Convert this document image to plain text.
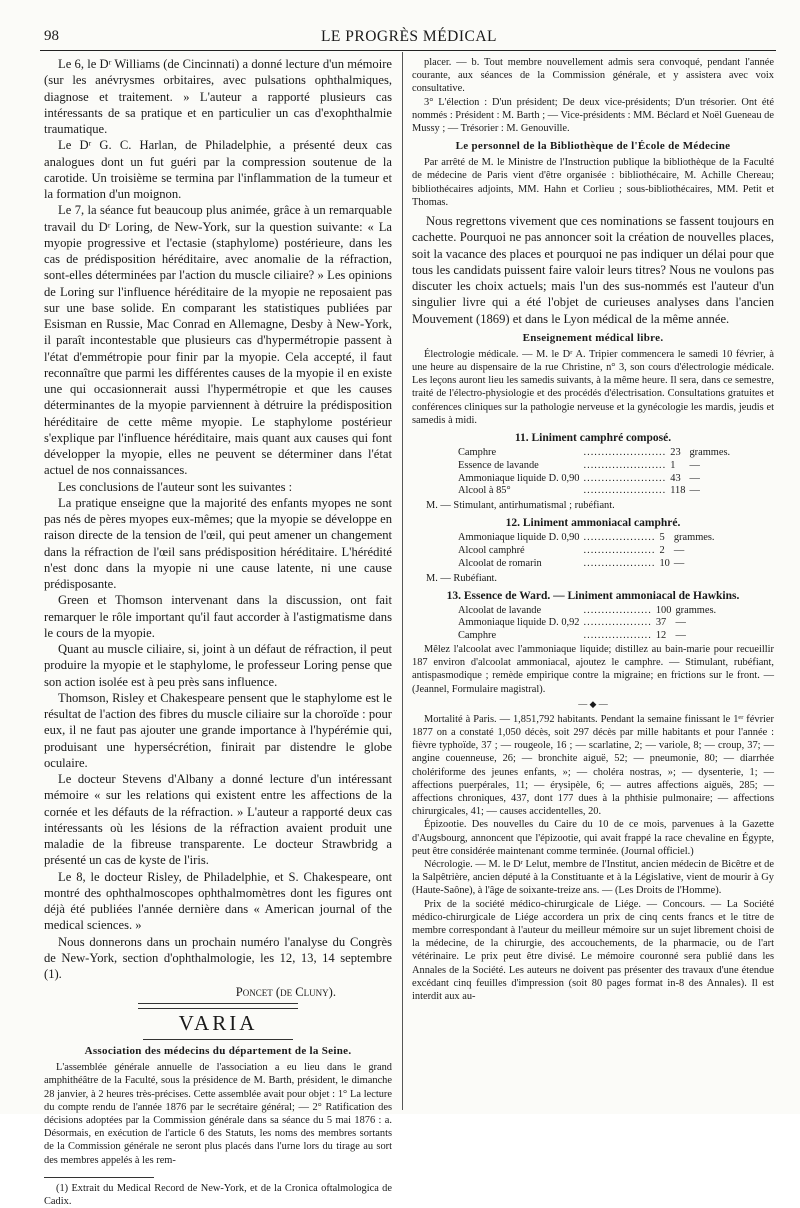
98	LE PROGRÈS MÉDICAL

Le 6, le Dʳ Williams (de Cincinnati) a donné lecture d'un mémoire (sur les anévrysmes orbitaires, avec pulsations ophthalmiques, diagnose et traitement. » L'auteur a rapporté plusieurs cas intéressants de sa pratique et en particulier un cas d'exophthalmie traumatique.

Le Dʳ G. C. Harlan, de Philadelphie, a présenté deux cas analogues dont un fut guéri par la compression soutenue de la carotide. Un troisième se termina par l'inflammation de la tumeur et la formation d'un moignon.

Le 7, la séance fut beaucoup plus animée, grâce à un remarquable travail du Dʳ Loring, de New-York, sur la question suivante: « La myopie progressive et l'ectasie (staphylome) postérieure, dans les cas de prédisposition héréditaire, avec anomalie de la réfraction, sont-elles déterminées par l'action du muscle ciliaire? » Les opinions de Loring sur l'influence héréditaire de la myopie ne reposaient pas sur une base solide. En comparant les statistiques publiées par Esisman en Russie, Mac Conrad en Allemagne, Desby à New-York, il paraît incontestable que plusieurs cas d'hypermétropie passent à l'état d'emmétropie pour finir par la myopie. Cela accepté, il faut reconnaître que parmi les différentes causes de la myopie il en existe une qui occasionnerait aussi l'hypermétropie et que les causes déterminantes de la myopie parviennent à détruire la prédisposition héréditaire de cette même myopie. Le staphylome postérieur s'explique par l'influence héréditaire, mais quant aux causes qui font développer la myopie, elles ne peuvent se déterminer dans l'état actuel de nos connaissances.

Les conclusions de l'auteur sont les suivantes :

La pratique enseigne que la majorité des enfants myopes ne sont pas nés de pères myopes eux-mêmes; que la myopie se développe en raison directe de la tension de l'œil, qui peut amener un changement dans la réfraction de l'œil sans prédisposition héréditaire. L'hérédité n'est donc dans la myopie ni une cause latente, ni une cause prédisposante.

Green et Thomson intervenant dans la discussion, ont fait remarquer le rôle important qu'il faut accorder à l'astigmatisme dans le cours de la myopie.

Quant au muscle ciliaire, si, joint à un défaut de réfraction, il peut produire la myopie et le staphylome, le professeur Loring pense que son action isolée est à peu près sans influence.

Thomson, Risley et Chakespeare pensent que le staphylome est le résultat de l'action des fibres du muscle ciliaire sur la choroïde : pour eux, il ne faut pas ajouter une grande importance à l'hypérémie qui, produisant une hypersécrétion, finirait par distendre le globe oculaire.

Le docteur Stevens d'Albany a donné lecture d'un intéressant mémoire « sur les relations qui existent entre les affections de la cornée et les défauts de la réfraction. » L'auteur a rapporté deux cas intéressants où les lésions de la réfraction avaient produit une maladie de la fibreuse transparente. Le docteur Strawbridg a présenté un cas de kyste de l'iris.

Le 8, le docteur Risley, de Philadelphie, et S. Chakespeare, ont montré des ophthalmoscopes ophthalmomètres dont les figures ont déjà été publiées l'année dernière dans « American journal of the medical sciences. »

Nous donnerons dans un prochain numéro l'analyse du Congrès de New-York, section d'ophthalmologie, les 12, 13, 14 septembre (1).

Poncet (de Cluny).
VARIA
Association des médecins du département de la Seine.

L'assemblée générale annuelle de l'association a eu lieu dans le grand amphithéâtre de la Faculté, sous la présidence de M. Barth, président, le dimanche 28 janvier, à 2 heures très-précises. Cette assemblée avait pour objet : 1° La lecture du compte rendu de l'année 1876 par le secrétaire général; — 2° Ratification des décisions adoptées par la Commission générale dans sa séance du 5 mai 1876 : a. Désormais, en exécution de l'article 6 des Statuts, les noms des membres sortants de la Commission générale ne seront plus placés dans l'urne lors du tirage au sort des membres appelés à les rem-

(1) Extrait du Medical Record de New-York, et de la Cronica oftalmologica de Cadix.

placer. — b. Tout membre nouvellement admis sera convoqué, pendant l'année courante, aux séances de la Commission générale, et y assistera avec voix consultative.

3° L'élection : D'un président; De deux vice-présidents; D'un trésorier. Ont été nommés : Président : M. Barth ; — Vice-présidents : MM. Béclard et Noël Gueneau de Mussy ; — Trésorier : M. Genouville.

Le personnel de la Bibliothèque de l'École de Médecine

Par arrêté de M. le Ministre de l'Instruction publique la bibliothèque de la Faculté de médecine de Paris vient d'être organisée : bibliothécaire, M. Achille Chereau; bibliothécaires adjoints, MM. Hahn et Corlieu ; sous-bibliothécaires, MM. Petit et Thomas.

Nous regrettons vivement que ces nominations se fassent toujours en cachette. Pourquoi ne pas annoncer soit la création de nouvelles places, soit la vacance des places et pourquoi ne pas indiquer un délai pour que tous les candidats puissent faire valoir leurs titres? Nous ne voulons pas discuter les choix actuels; mais l'un des sus-nommés est l'auteur d'un singulier livre qui a été l'objet de curieuses analyses dans l'ancien Mouvement (1869) et dans le Lyon médical de la même année.

Enseignement médical libre.

Électrologie médicale. — M. le Dʳ A. Tripier commencera le samedi 10 février, à une heure au dispensaire de la rue Christine, n° 3, son cours d'électrologie médicale. Les leçons auront lieu les samedis suivants, à la même heure. Il sera, dans ce semestre, traité de l'électro-physiologie et des procédés d'électrisation. Consultations gratuites et conférences cliniques sur la pathologie nerveuse et la gynécologie les mardis, jeudis et samedis à midi.

11. Liniment camphré composé.
Camphre	.......................	23	grammes.
Essence de lavande	.......................	1	—
Ammoniaque liquide D. 0,90	.......................	43	—
Alcool à 85°	.......................	118	—
M. — Stimulant, antirhumatismal ; rubéfiant.
12. Liniment ammoniacal camphré.
Ammoniaque liquide D. 0,90	....................	5	grammes.
Alcool camphré	....................	2	—
Alcoolat de romarin	....................	10	—
M. — Rubéfiant.
13. Essence de Ward. — Liniment ammoniacal de Hawkins.
Alcoolat de lavande	...................	100	grammes.
Ammoniaque liquide D. 0,92	...................	37	—
Camphre	...................	12	—

Mêlez l'alcoolat avec l'ammoniaque liquide; distillez au bain-marie pour recueillir 187 environ d'alcoolat ammoniacal, ajoutez le camphre. — Stimulant, rubéfiant, antispasmodique ; remède empirique contre la migraine; en frictions sur le front. — (Jeannel, Formulaire magistral).

— ◆ —

Mortalité à Paris. — 1,851,792 habitants. Pendant la semaine finissant le 1ᵉʳ février 1877 on a constaté 1,050 décès, soit 297 décès par mille habitants et pour l'année : fièvre typhoïde, 37 ; — rougeole, 16 ; — scarlatine, 2; — variole, 8; — croup, 37; — angine couenneuse, 26; — bronchite aiguë, 52; — pneumonie, 80; — diarrhée cholériforme des jeunes enfants, »; — choléra nostras, »; — dysenterie, 1; — affections puerpérales, 11; — érysipèle, 6; — autres affections aiguës, 285; — affections chroniques, 437, dont 177 dues à la phthisie pulmonaire; — affections chirurgicales, 41; — causes accidentelles, 20.

Épizootie. Des nouvelles du Caire du 10 de ce mois, parvenues à la Gazette d'Augsbourg, annoncent que l'épizootie, qui avait frappé la race chevaline en Égypte, peut être considérée maintenant comme terminée. (Journal officiel.)

Nécrologie. — M. le Dʳ Lelut, membre de l'Institut, ancien médecin de Bicêtre et de la Salpêtrière, ancien député à la Constituante et à la Législative, vient de mourir à Gy (Haute-Saône), à l'âge de soixante-treize ans. — (Les Droits de l'Homme).

Prix de la société médico-chirurgicale de Liége. — Concours. — La Société médico-chirurgicale de Liége accordera un prix de cinq cents francs et le titre de membre correspondant à l'auteur du meilleur mémoire sur un sujet librement choisi de la médecine, de la chirurgie, des accouchements, de la pharmacie, ou de l'art vétérinaire. Le prix peut être divisé. Le mémoire couronné sera publié dans les Annales de la Société. Les auteurs ne doivent pas présenter des travaux d'une étendue excédant cinq feuilles d'impression (soit 80 pages format in-8 des Annales). Il est interdit aux au-
